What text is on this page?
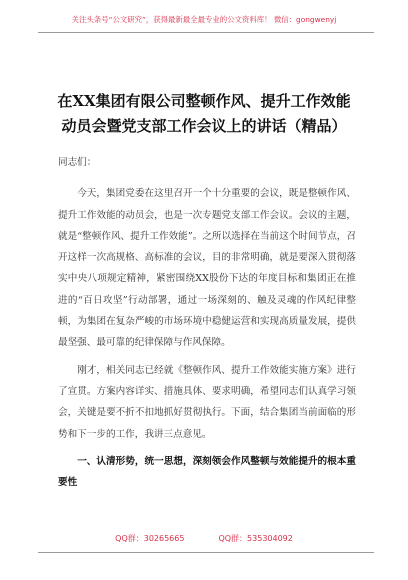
关注头条号“公文研究”，获得最新最全最专业的公文资料库！ 微信：gongwenyj
在XX集团有限公司整顿作风、提升工作效能
动员会暨党支部工作会议上的讲话（精品）

同志们：

今天，集团党委在这里召开一个十分重要的会议，既是整顿作风、提升工作效能的动员会，也是一次专题党支部工作会议。会议的主题，就是“整顿作风、提升工作效能”。之所以选择在当前这个时间节点，召开这样一次高规格、高标准的会议，目的非常明确，就是要深入贯彻落实中央八项规定精神，紧密围绕XX股份下达的年度目标和集团正在推进的“百日攻坚”行动部署，通过一场深刻的、触及灵魂的作风纪律整顿，为集团在复杂严峻的市场环境中稳健运营和实现高质量发展，提供最坚强、最可靠的纪律保障与作风保障。

刚才，相关同志已经就《整顿作风、提升工作效能实施方案》进行了宣贯。方案内容详实、措施具体、要求明确，希望同志们认真学习领会，关键是要不折不扣地抓好贯彻执行。下面，结合集团当前面临的形势和下一步的工作，我讲三点意见。

一、认清形势，统一思想，深刻领会作风整顿与效能提升的根本重要性

QQ群：30265665	QQ群：535304092
